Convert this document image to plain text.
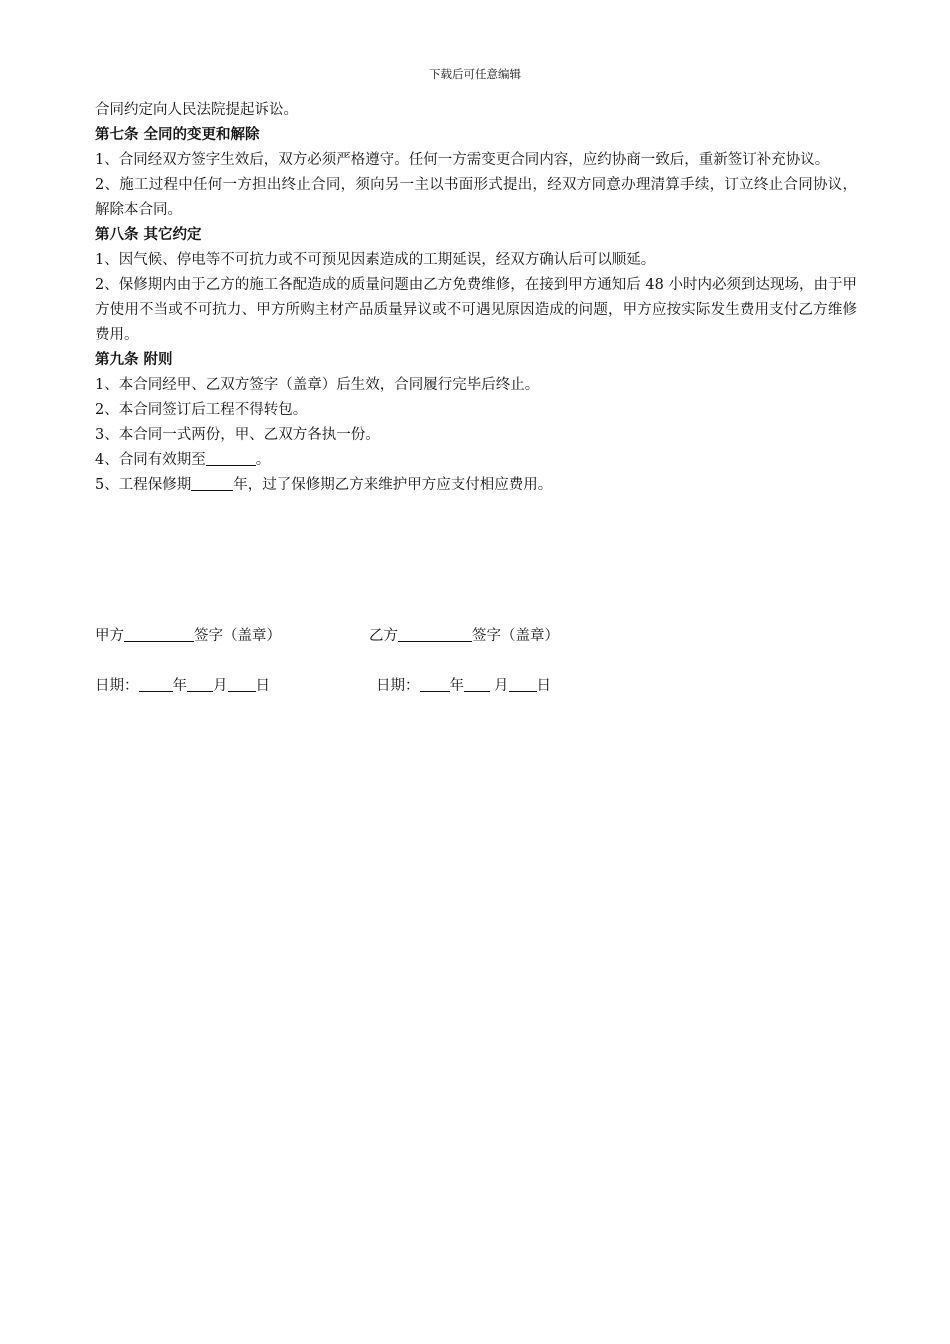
下载后可任意编辑

合同约定向人民法院提起诉讼。

第七条 全同的变更和解除

1、合同经双方签字生效后，双方必须严格遵守。任何一方需变更合同内容，应约协商一致后，重新签订补充协议。

2、施工过程中任何一方担出终止合同，须向另一主以书面形式提出，经双方同意办理清算手续，订立终止合同协议，解除本合同。

第八条 其它约定

1、因气候、停电等不可抗力或不可预见因素造成的工期延误，经双方确认后可以顺延。

2、保修期内由于乙方的施工各配造成的质量问题由乙方免费维修，在接到甲方通知后 48 小时内必须到达现场，由于甲方使用不当或不可抗力、甲方所购主材产品质量异议或不可遇见原因造成的问题，甲方应按实际发生费用支付乙方维修费用。

第九条 附则

1、本合同经甲、乙双方签字（盖章）后生效，合同履行完毕后终止。

2、本合同签订后工程不得转包。

3、本合同一式两份，甲、乙双方各执一份。

4、合同有效期至	。

5、工程保修期	年，过了保修期乙方来维护甲方应支付相应费用。

甲方	签字（盖章）	乙方	签字（盖章）
日期： 年 月 日	日期： 年 月 日
